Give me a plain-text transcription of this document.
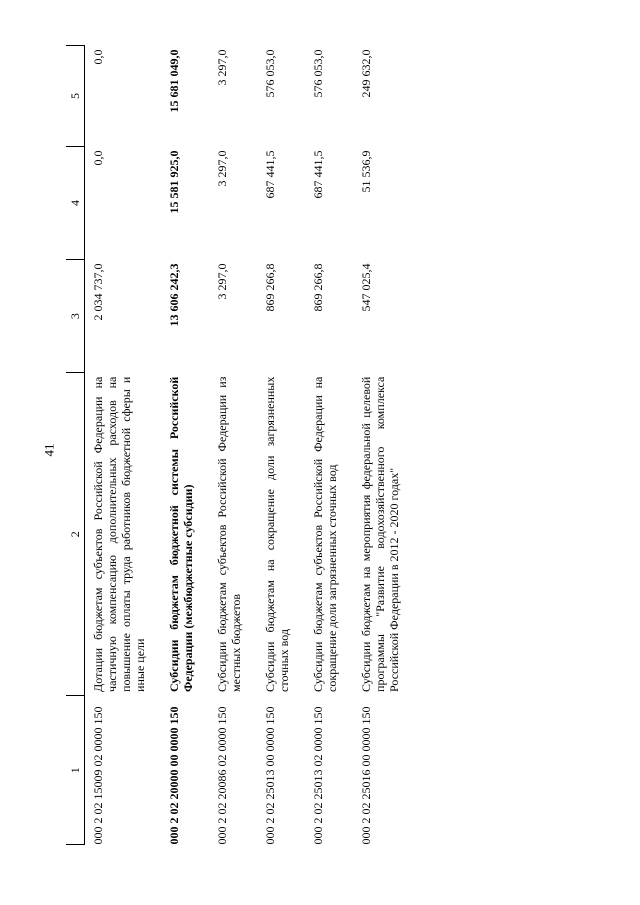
41
1	2	3	4	5
000 2 02 15009 02 0000 150	Дотации бюджетам субъектов Российской Федерации на частичную компенсацию дополнительных расходов на повышение оплаты труда работников бюджетной сферы и иные цели	2 034 737,0	0,0	0,0
000 2 02 20000 00 0000 150	Субсидии бюджетам бюджетной системы Российской Федерации (межбюджетные субсидии)	13 606 242,3	15 581 925,0	15 681 049,0
000 2 02 20086 02 0000 150	Субсидии бюджетам субъектов Российской Федерации из местных бюджетов	3 297,0	3 297,0	3 297,0
000 2 02 25013 00 0000 150	Субсидии бюджетам на сокращение доли загрязненных сточных вод	869 266,8	687 441,5	576 053,0
000 2 02 25013 02 0000 150	Субсидии бюджетам субъектов Российской Федерации на сокращение доли загрязненных сточных вод	869 266,8	687 441,5	576 053,0
000 2 02 25016 00 0000 150	Субсидии бюджетам на мероприятия федеральной целевой программы "Развитие водохозяйственного комплекса Российской Федерации в 2012 - 2020 годах"	547 025,4	51 536,9	249 632,0
